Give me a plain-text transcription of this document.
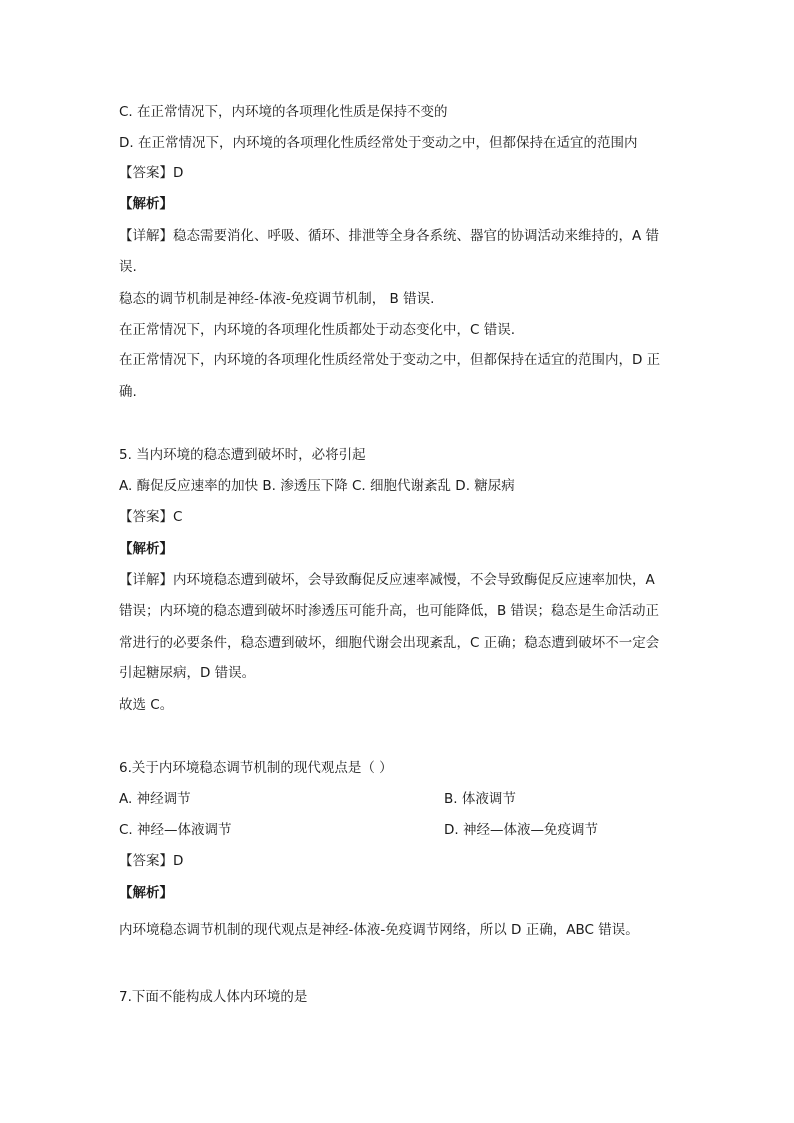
C. 在正常情况下，内环境的各项理化性质是保持不变的
D. 在正常情况下，内环境的各项理化性质经常处于变动之中，但都保持在适宜的范围内
【答案】D
【解析】
【详解】稳态需要消化、呼吸、循环、排泄等全身各系统、器官的协调活动来维持的，A 错
误.
稳态的调节机制是神经-体液-免疫调节机制， B 错误.
在正常情况下，内环境的各项理化性质都处于动态变化中，C 错误.
在正常情况下，内环境的各项理化性质经常处于变动之中，但都保持在适宜的范围内，D 正
确.
5. 当内环境的稳态遭到破坏时，必将引起
A. 酶促反应速率的加快 B. 渗透压下降 C. 细胞代谢紊乱 D. 糖尿病
【答案】C
【解析】
【详解】内环境稳态遭到破坏，会导致酶促反应速率减慢，不会导致酶促反应速率加快，A
错误；内环境的稳态遭到破坏时渗透压可能升高，也可能降低，B 错误；稳态是生命活动正
常进行的必要条件，稳态遭到破坏，细胞代谢会出现紊乱，C 正确；稳态遭到破坏不一定会
引起糖尿病，D 错误。
故选 C。
6.关于内环境稳态调节机制的现代观点是（ ）
A. 神经调节	B. 体液调节
C. 神经—体液调节	D. 神经—体液—免疫调节
【答案】D
【解析】
内环境稳态调节机制的现代观点是神经-体液-免疫调节网络，所以 D 正确，ABC 错误。
7.下面不能构成人体内环境的是
